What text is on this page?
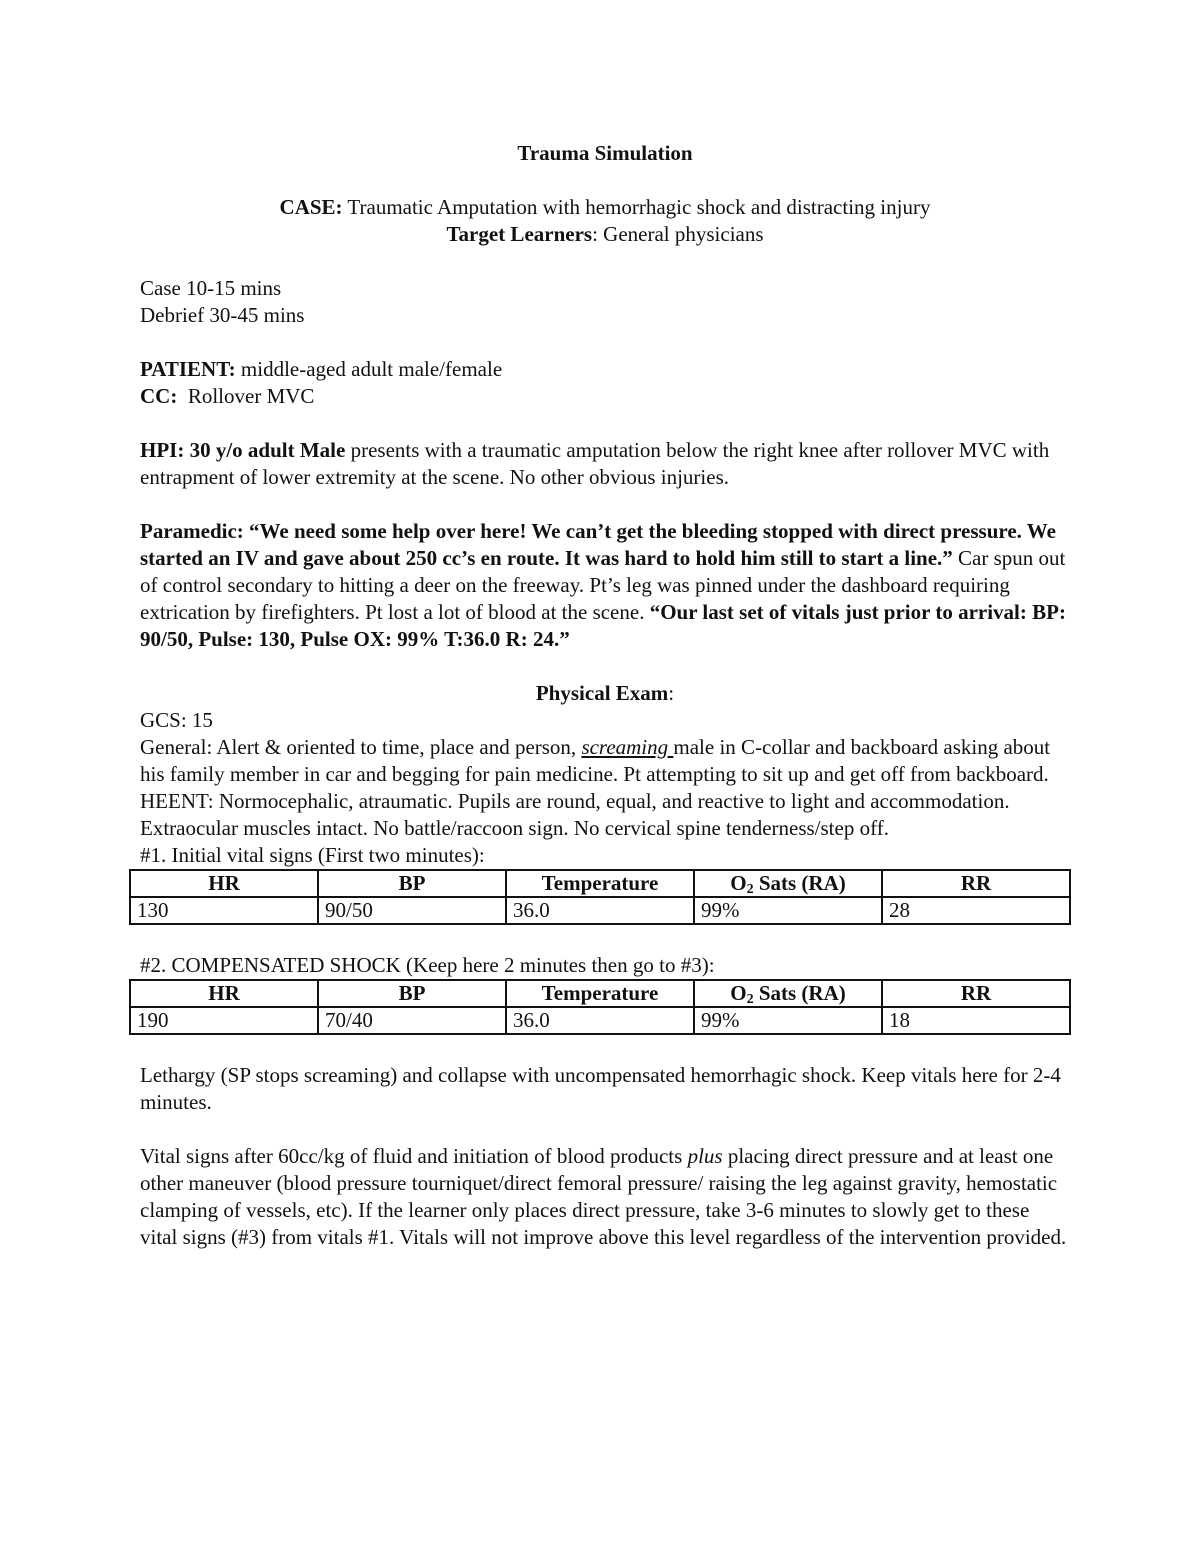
Trauma Simulation

CASE: Traumatic Amputation with hemorrhagic shock and distracting injury

Target Learners: General physicians

Case 10-15 mins

Debrief 30-45 mins

PATIENT: middle-aged adult male/female

CC:  Rollover MVC

HPI: 30 y/o adult Male presents with a traumatic amputation below the right knee after rollover MVC with entrapment of lower extremity at the scene. No other obvious injuries.

Paramedic: “We need some help over here! We can’t get the bleeding stopped with direct pressure. We started an IV and gave about 250 cc’s en route. It was hard to hold him still to start a line.” Car spun out of control secondary to hitting a deer on the freeway. Pt’s leg was pinned under the dashboard requiring extrication by firefighters. Pt lost a lot of blood at the scene. “Our last set of vitals just prior to arrival: BP: 90/50, Pulse: 130, Pulse OX: 99% T:36.0 R: 24.”

Physical Exam:

GCS: 15

General: Alert & oriented to time, place and person, screaming male in C-collar and backboard asking about his family member in car and begging for pain medicine. Pt attempting to sit up and get off from backboard.

HEENT: Normocephalic, atraumatic. Pupils are round, equal, and reactive to light and accommodation. Extraocular muscles intact. No battle/raccoon sign. No cervical spine tenderness/step off.

#1. Initial vital signs (First two minutes):

HR	BP	Temperature	$O_2$ Sats (RA)	RR
130	90/50	36.0	99%	28

#2. COMPENSATED SHOCK (Keep here 2 minutes then go to #3):

HR	BP	Temperature	$O_2$ Sats (RA)	RR
190	70/40	36.0	99%	18

Lethargy (SP stops screaming) and collapse with uncompensated hemorrhagic shock. Keep vitals here for 2-4 minutes.

Vital signs after 60cc/kg of fluid and initiation of blood products plus placing direct pressure and at least one other maneuver (blood pressure tourniquet/direct femoral pressure/ raising the leg against gravity, hemostatic clamping of vessels, etc). If the learner only places direct pressure, take 3-6 minutes to slowly get to these vital signs (#3) from vitals #1. Vitals will not improve above this level regardless of the intervention provided.
